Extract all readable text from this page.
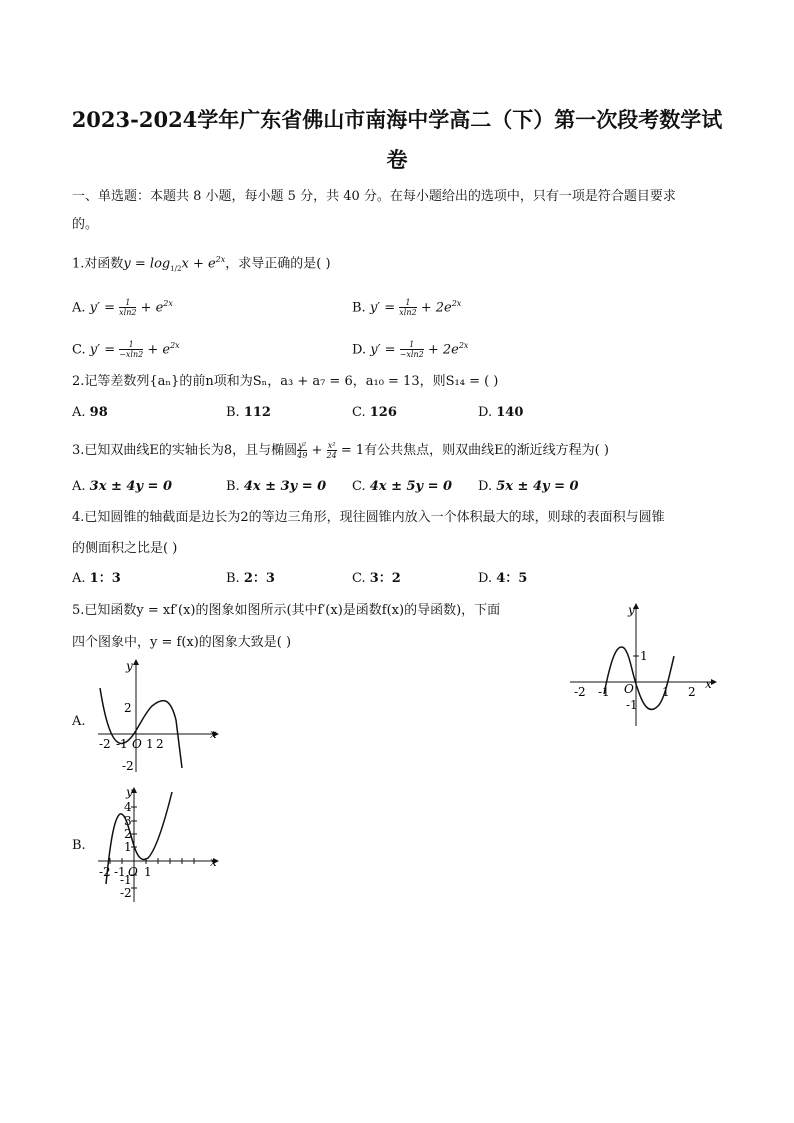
2023-2024学年广东省佛山市南海中学高二（下）第一次段考数学试
卷
一、单选题：本题共 8 小题，每小题 5 分，共 40 分。在每小题给出的选项中，只有一项是符合题目要求
的。
1.对函数$y = \log_{1/2}x + e^{2x}$，求导正确的是( )
A. $y' = \frac{1}{xln2} + e^{2x}$	B. $y' = \frac{1}{xln2} + 2e^{2x}$
C. $y' = \frac{1}{-xln2} + e^{2x}$	D. $y' = \frac{1}{-xln2} + 2e^{2x}$
2.记等差数列{aₙ}的前n项和为Sₙ，a₃ + a₇ = 6，a₁₀ = 13，则S₁₄ = ( )
A. 98	B. 112	C. 126	D. 140
3.已知双曲线E的实轴长为8，且与椭圆 $\frac{\text{y²}}{49} + \frac{\text{x²}}{24} = 1$有公共焦点，则双曲线E的渐近线方程为( )
A. 3x ± 4y = 0	B. 4x ± 3y = 0 C. 4x ± 5y = 0 D. 5x ± 4y = 0
4.已知圆锥的轴截面是边长为2的等边三角形，现往圆锥内放入一个体积最大的球，则球的表面积与圆锥
的侧面积之比是( )
A. 1：3	B. 2：3	C. 3：2	D. 4：5
5.已知函数y = xf′(x)的图象如图所示(其中f′(x)是函数f(x)的导函数)，下面
四个图象中，y = f(x)的图象大致是( )
x
y
O
-2 -1	1 2
1
-1
A.
x
y
O
-2 -1 1 2
2
-2
B.
x
y
O
-2 -1 1
4
3
2
1
-1
-2
